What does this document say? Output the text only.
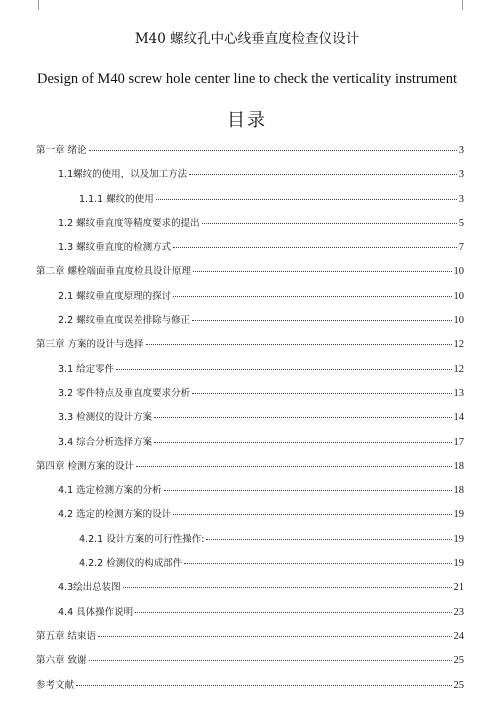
M40 螺纹孔中心线垂直度检查仪设计
Design of M40 screw hole center line to check the verticality instrument
目录
第一章 绪论	3
1.1螺纹的使用，以及加工方法	3
1.1.1 螺纹的使用	3
1.2 螺纹垂直度等精度要求的提出	5
1.3 螺纹垂直度的检测方式	7
第二章 螺栓端面垂直度检具设计原理	10
2.1 螺纹垂直度原理的探讨	10
2.2 螺纹垂直度误差排除与修正	10
第三章 方案的设计与选择	12
3.1 给定零件	12
3.2 零件特点及垂直度要求分析	13
3.3 检测仪的设计方案	14
3.4 综合分析选择方案	17
第四章 检测方案的设计	18
4.1 选定检测方案的分析	18
4.2 选定的检测方案的设计	19
4.2.1 设计方案的可行性操作:	19
4.2.2 检测仪的构成部件	19
4.3绘出总装图	21
4.4 具体操作说明	23
第五章 结束语	24
第六章 致谢	25
参考文献	25
